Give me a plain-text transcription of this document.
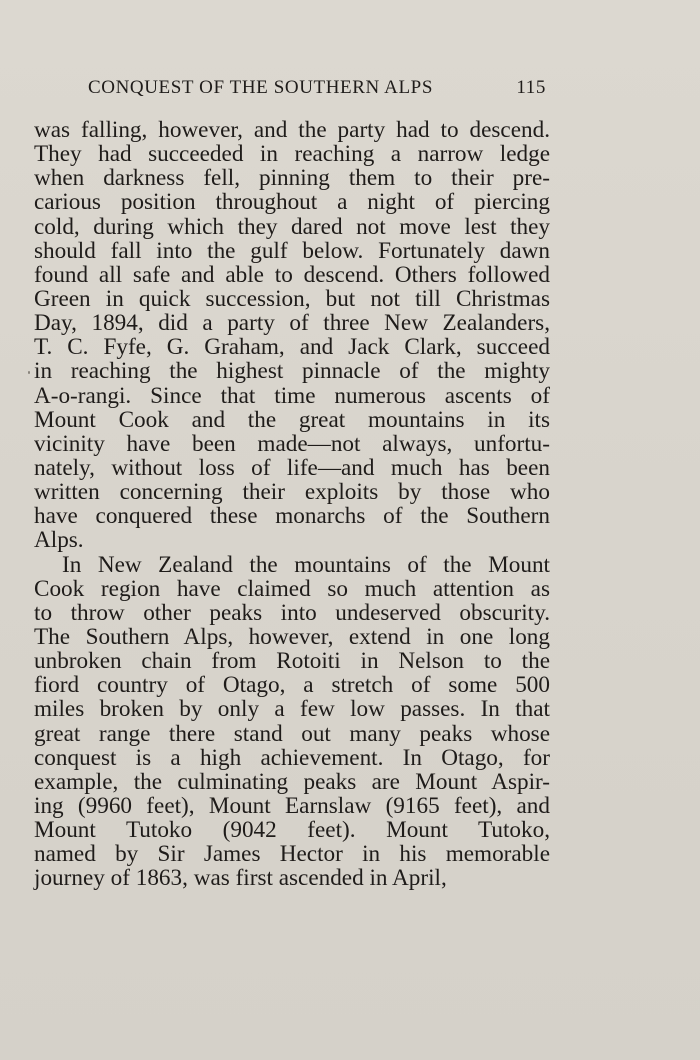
CONQUEST OF THE SOUTHERN ALPS	115
was falling, however, and the party had to descend.
They had succeeded in reaching a narrow ledge
when darkness fell, pinning them to their pre-
carious position throughout a night of piercing
cold, during which they dared not move lest they
should fall into the gulf below. Fortunately dawn
found all safe and able to descend. Others followed
Green in quick succession, but not till Christmas
Day, 1894, did a party of three New Zealanders,
T. C. Fyfe, G. Graham, and Jack Clark, succeed
in reaching the highest pinnacle of the mighty
A-o-rangi. Since that time numerous ascents of
Mount Cook and the great mountains in its
vicinity have been made—not always, unfortu-
nately, without loss of life—and much has been
written concerning their exploits by those who
have conquered these monarchs of the Southern
Alps.
In New Zealand the mountains of the Mount
Cook region have claimed so much attention as
to throw other peaks into undeserved obscurity.
The Southern Alps, however, extend in one long
unbroken chain from Rotoiti in Nelson to the
fiord country of Otago, a stretch of some 500
miles broken by only a few low passes. In that
great range there stand out many peaks whose
conquest is a high achievement. In Otago, for
example, the culminating peaks are Mount Aspir-
ing (9960 feet), Mount Earnslaw (9165 feet), and
Mount Tutoko (9042 feet). Mount Tutoko,
named by Sir James Hector in his memorable
journey of 1863, was first ascended in April,
